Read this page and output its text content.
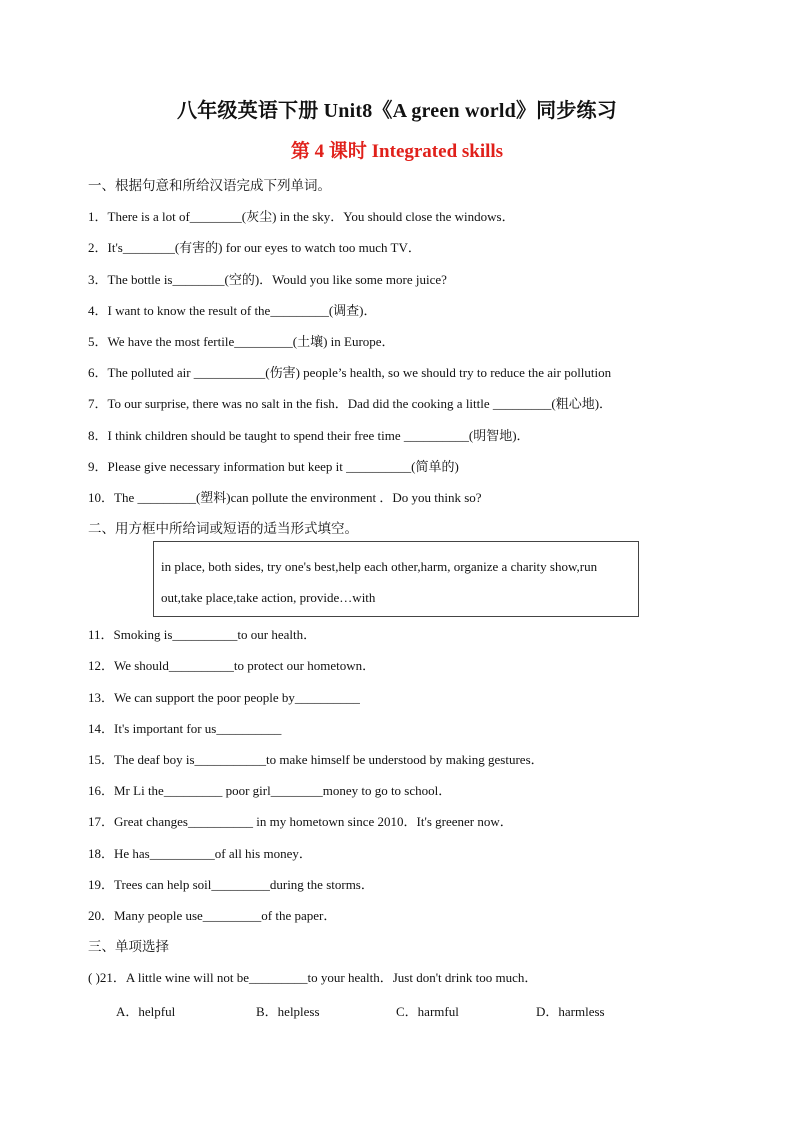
八年级英语下册 Unit8《A green world》同步练习
第 4 课时 Integrated skills
一、根据句意和所给汉语完成下列单词。
1．There is a lot of________(灰尘) in the sky．You should close the windows．
2．It's________(有害的) for our eyes to watch too much TV．
3．The bottle is________(空的)．Would you like some more juice?
4．I want to know the result of the_________(调查)．
5．We have the most fertile_________(土壤) in Europe．
6．The polluted air ___________(伤害) people’s health, so we should try to reduce the air pollution
7．To our surprise, there was no salt in the fish．Dad did the cooking a little _________(粗心地)．
8．I think children should be taught to spend their free time __________(明智地)．
9．Please give necessary information but keep it __________(简单的)
10．The _________(塑料)can pollute the environment ．Do you think so?
二、用方框中所给词或短语的适当形式填空。
in place, both sides, try one's best,help each other,harm, organize a charity show,run out,take place,take action, provide…with
11．Smoking is__________to our health．
12．We should__________to protect our hometown．
13．We can support the poor people by__________
14．It's important for us__________
15．The deaf boy is___________to make himself be understood by making gestures．
16．Mr Li the_________ poor girl________money to go to school．
17．Great changes__________ in my hometown since 2010．It's greener now．
18．He has__________of all his money．
19．Trees can help soil_________during the storms．
20．Many people use_________of the paper．
三、单项选择
( )21．A little wine will not be_________to your health．Just don't drink too much．
A．helpful	B．helpless	C．harmful	D．harmless
